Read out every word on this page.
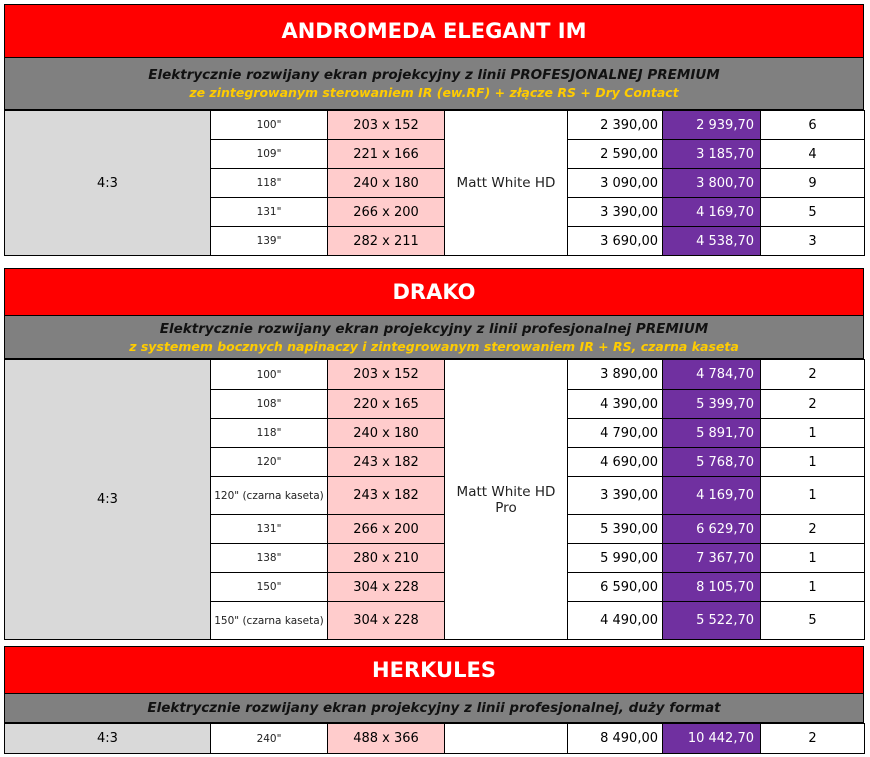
ANDROMEDA ELEGANT IM
Elektrycznie rozwijany ekran projekcyjny z linii PROFESJONALNEJ PREMIUM
ze zintegrowanym sterowaniem IR (ew.RF) + złącze RS + Dry Contact
4:3	100"	203 x 152	Matt White HD	2 390,00	2 939,70	6
	109"	221 x 166		2 590,00	3 185,70	4
	118"	240 x 180		3 090,00	3 800,70	9
	131"	266 x 200		3 390,00	4 169,70	5
	139"	282 x 211		3 690,00	4 538,70	3
DRAKO
Elektrycznie rozwijany ekran projekcyjny z linii profesjonalnej PREMIUM
z systemem bocznych napinaczy i zintegrowanym sterowaniem IR + RS, czarna kaseta
4:3	100"	203 x 152	Matt White HD Pro	3 890,00	4 784,70	2
	108"	220 x 165		4 390,00	5 399,70	2
	118"	240 x 180		4 790,00	5 891,70	1
	120"	243 x 182		4 690,00	5 768,70	1
	120" (czarna kaseta)	243 x 182		3 390,00	4 169,70	1
	131"	266 x 200		5 390,00	6 629,70	2
	138"	280 x 210		5 990,00	7 367,70	1
	150"	304 x 228		6 590,00	8 105,70	1
	150" (czarna kaseta)	304 x 228		4 490,00	5 522,70	5
HERKULES
Elektrycznie rozwijany ekran projekcyjny z linii profesjonalnej, duży format
4:3	240"	488 x 366		8 490,00	10 442,70	2
